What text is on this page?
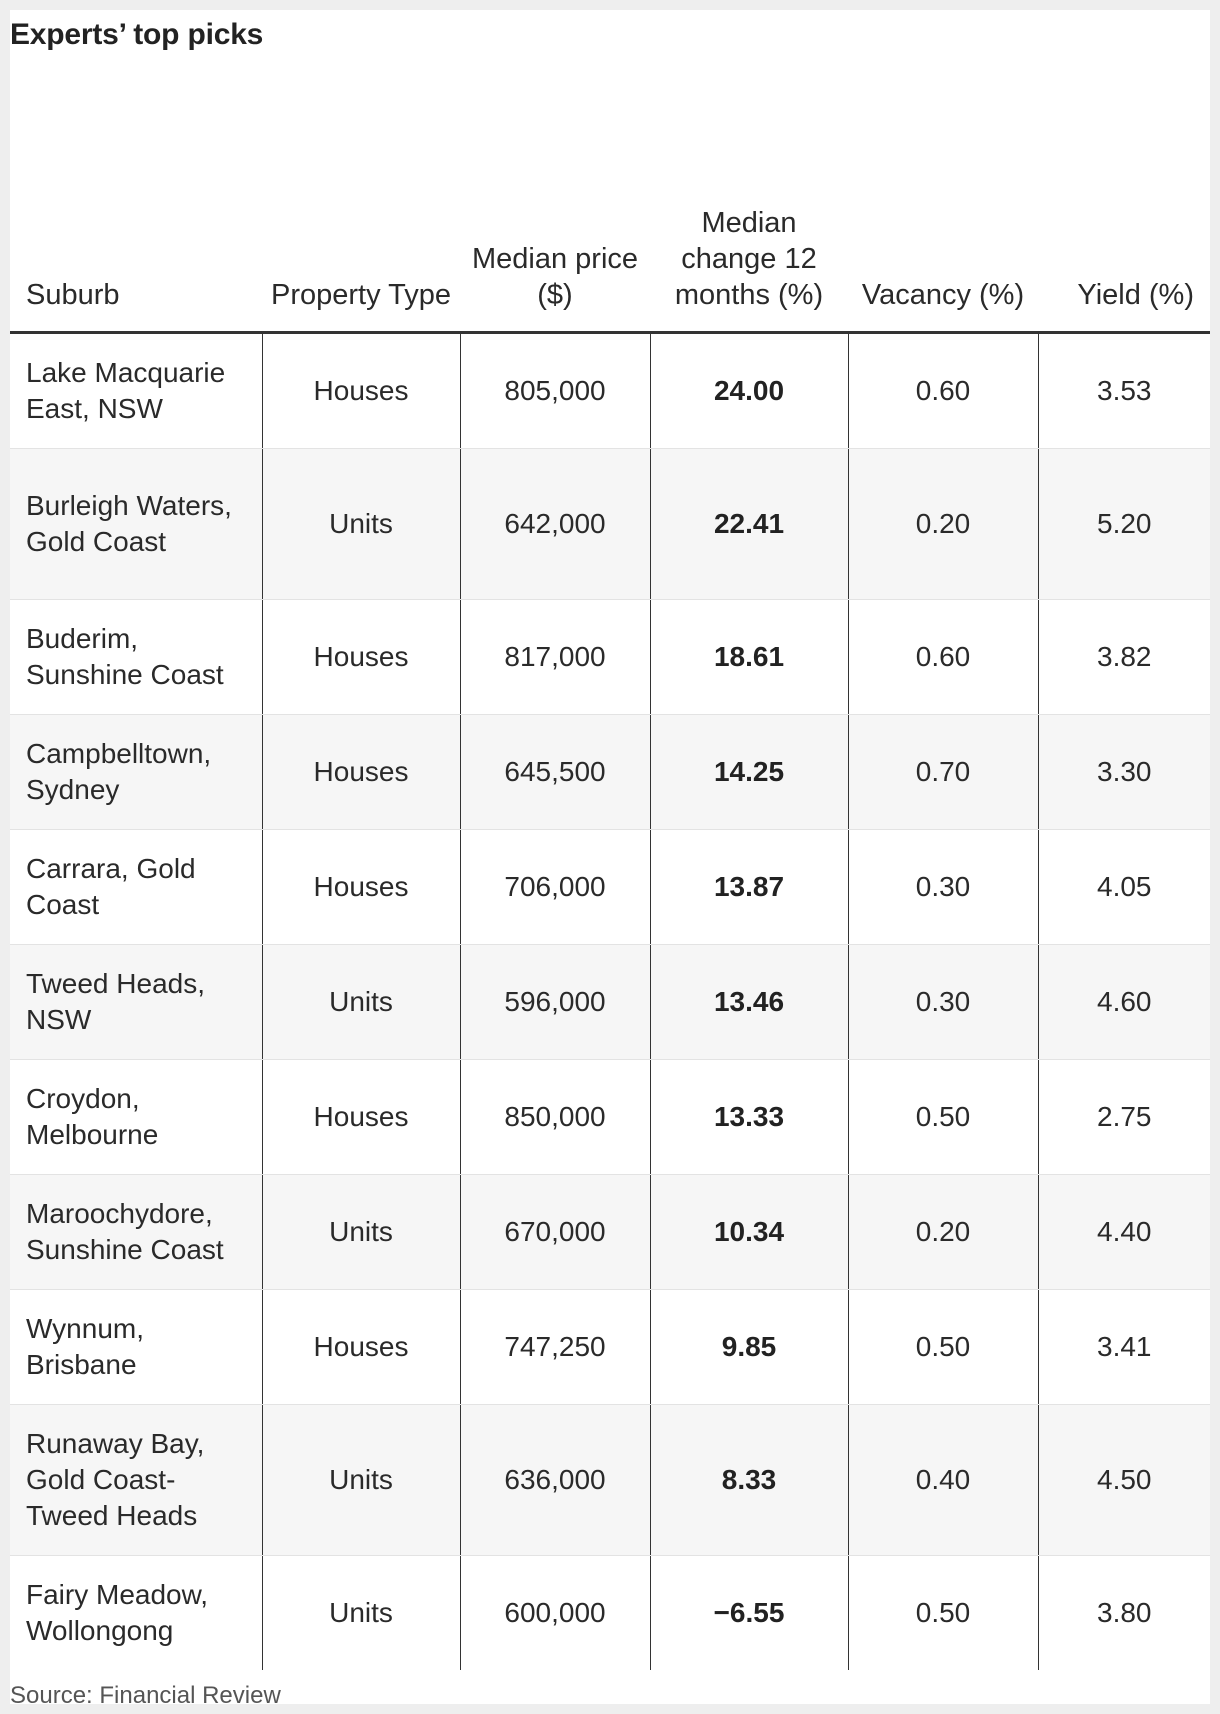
Experts’ top picks
Suburb	Property Type	Median price ($)	Median change 12 months (%)	Vacancy (%)	Yield (%)
Lake Macquarie East, NSW	Houses	805,000	24.00	0.60	3.53
Burleigh Waters, Gold Coast	Units	642,000	22.41	0.20	5.20
Buderim, Sunshine Coast	Houses	817,000	18.61	0.60	3.82
Campbelltown, Sydney	Houses	645,500	14.25	0.70	3.30
Carrara, Gold Coast	Houses	706,000	13.87	0.30	4.05
Tweed Heads, NSW	Units	596,000	13.46	0.30	4.60
Croydon, Melbourne	Houses	850,000	13.33	0.50	2.75
Maroochydore, Sunshine Coast	Units	670,000	10.34	0.20	4.40
Wynnum, Brisbane	Houses	747,250	9.85	0.50	3.41
Runaway Bay, Gold Coast-Tweed Heads	Units	636,000	8.33	0.40	4.50
Fairy Meadow, Wollongong	Units	600,000	−6.55	0.50	3.80

Source: Financial Review
